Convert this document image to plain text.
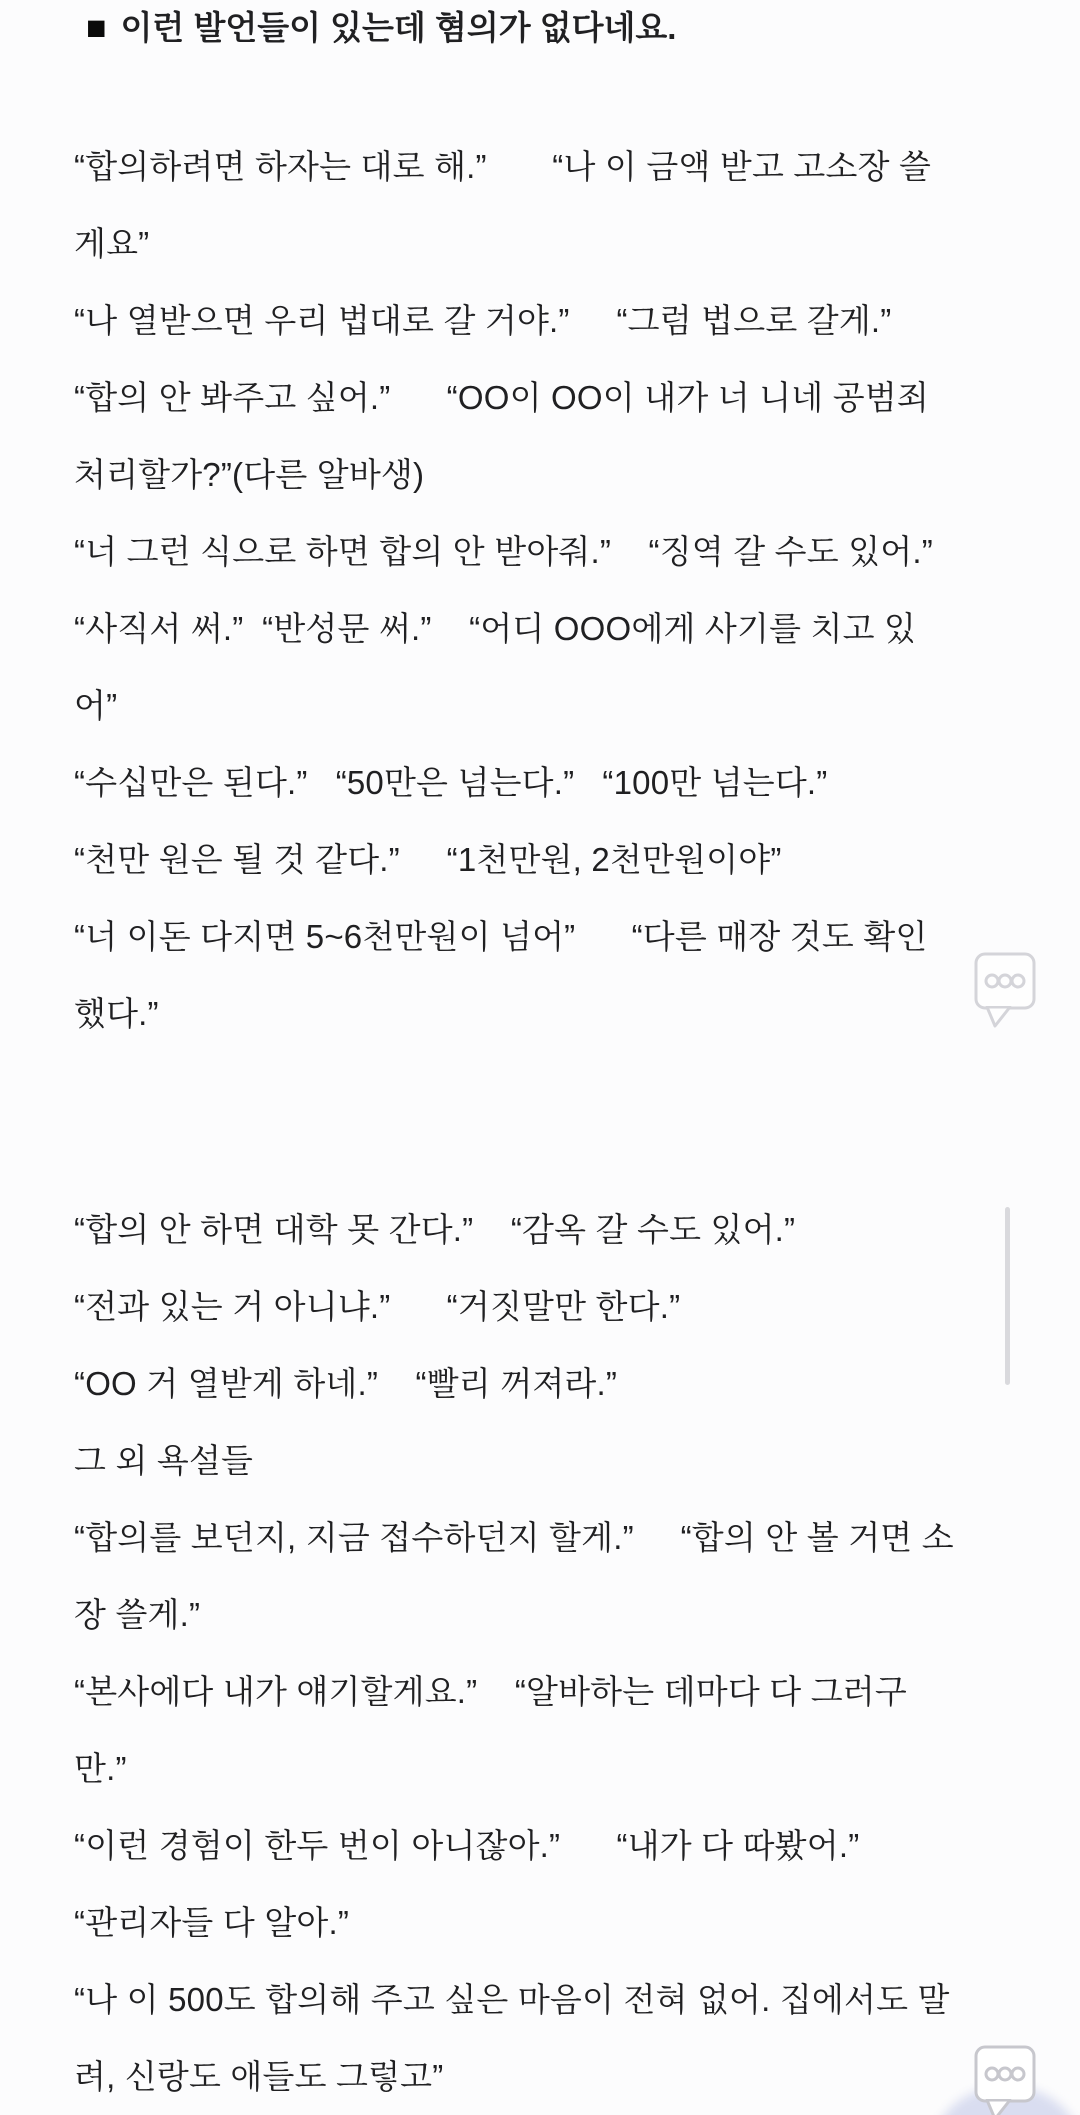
■ 이런 발언들이 있는데 혐의가 없다네요.
“합의하려면 하자는 대로 해.”       “나 이 금액 받고 고소장 쓸
게요”
“나 열받으면 우리 법대로 갈 거야.”     “그럼 법으로 갈게.”
“합의 안 봐주고 싶어.”      “OO이 OO이 내가 너 니네 공범죄
처리할가?”(다른 알바생)
“너 그런 식으로 하면 합의 안 받아줘.”    “징역 갈 수도 있어.”
“사직서 써.”  “반성문 써.”    “어디 OOO에게 사기를 치고 있
어”
“수십만은 된다.”   “50만은 넘는다.”   “100만 넘는다.”
“천만 원은 될 것 같다.”     “1천만원, 2천만원이야”
“너 이돈 다지면 5~6천만원이 넘어”      “다른 매장 것도 확인
했다.”
“합의 안 하면 대학 못 간다.”    “감옥 갈 수도 있어.”
“전과 있는 거 아니냐.”      “거짓말만 한다.”
“OO 거 열받게 하네.”    “빨리 꺼져라.”
그 외 욕설들
“합의를 보던지, 지금 접수하던지 할게.”     “합의 안 볼 거면 소
장 쓸게.”
“본사에다 내가 얘기할게요.”    “알바하는 데마다 다 그러구
만.”
“이런 경험이 한두 번이 아니잖아.”      “내가 다 따봤어.”
“관리자들 다 알아.”
“나 이 500도 합의해 주고 싶은 마음이 전혀 없어. 집에서도 말
려, 신랑도 애들도 그렇고”
